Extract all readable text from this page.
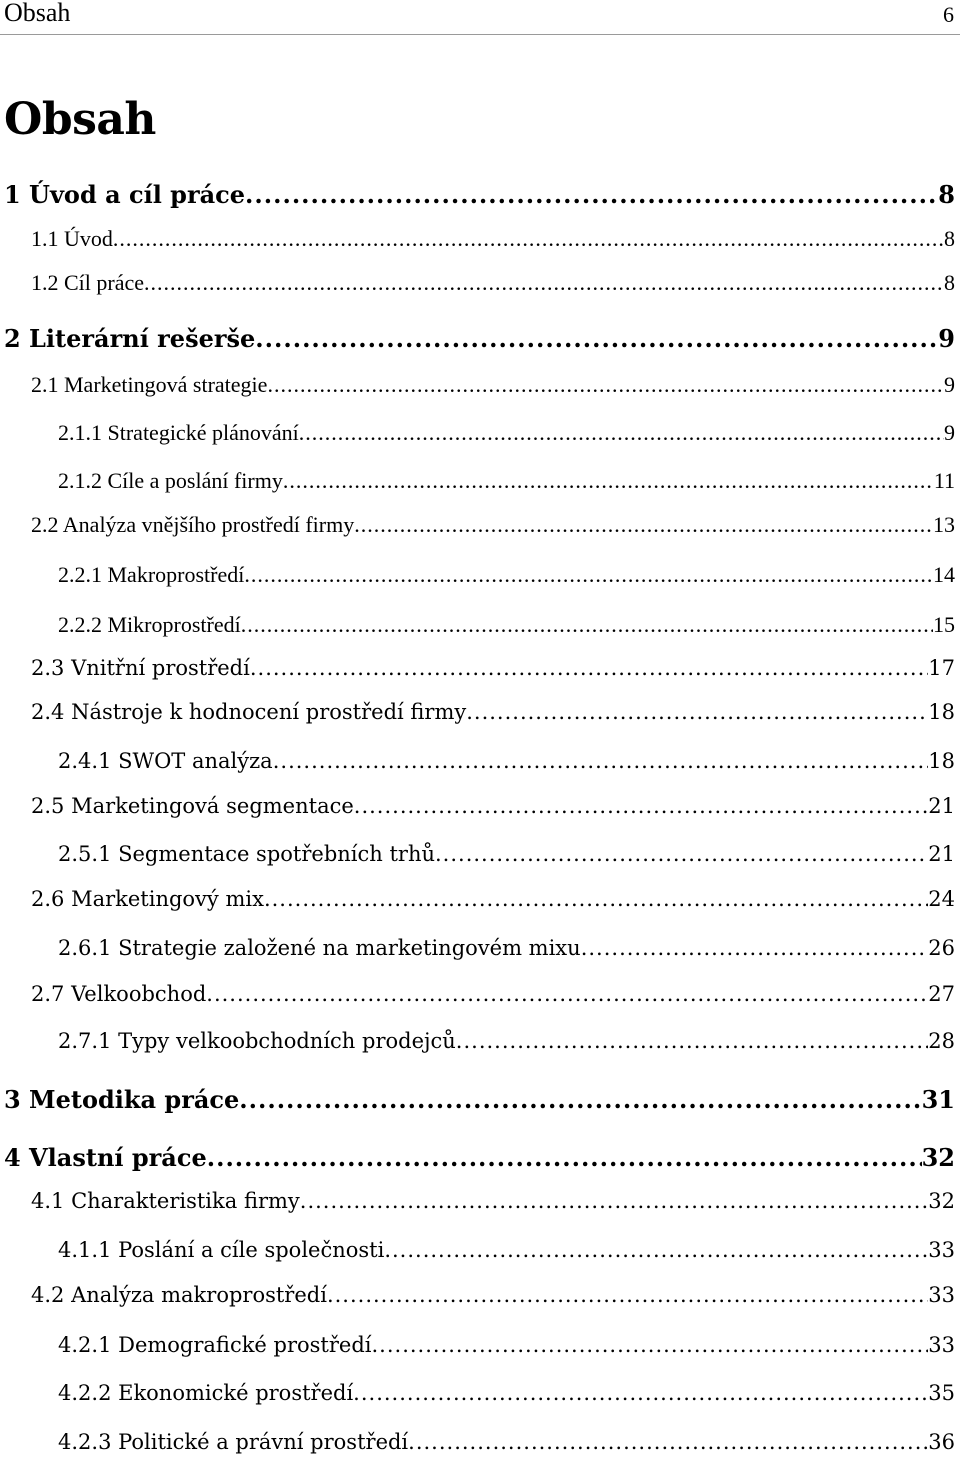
Obsah	6
Obsah
1 Úvod a cíl práce .....	8
1.1 Úvod .....	8
1.2 Cíl práce .....	8
2 Literární rešerše .....	9
2.1 Marketingová strategie .....	9
2.1.1 Strategické plánování .....	9
2.1.2 Cíle a poslání firmy .....	11
2.2 Analýza vnějšího prostředí firmy .....	13
2.2.1 Makroprostředí .....	14
2.2.2 Mikroprostředí .....	15
2.3 Vnitřní prostředí .....	17
2.4 Nástroje k hodnocení prostředí firmy .....	18
2.4.1 SWOT analýza .....	18
2.5 Marketingová segmentace .....	21
2.5.1 Segmentace spotřebních trhů .....	21
2.6 Marketingový mix .....	24
2.6.1 Strategie založené na marketingovém mixu .....	26
2.7 Velkoobchod .....	27
2.7.1 Typy velkoobchodních prodejců .....	28
3 Metodika práce .....	31
4 Vlastní práce .....	32
4.1 Charakteristika firmy .....	32
4.1.1 Poslání a cíle společnosti .....	33
4.2 Analýza makroprostředí .....	33
4.2.1 Demografické prostředí .....	33
4.2.2 Ekonomické prostředí .....	35
4.2.3 Politické a právní prostředí .....	36
